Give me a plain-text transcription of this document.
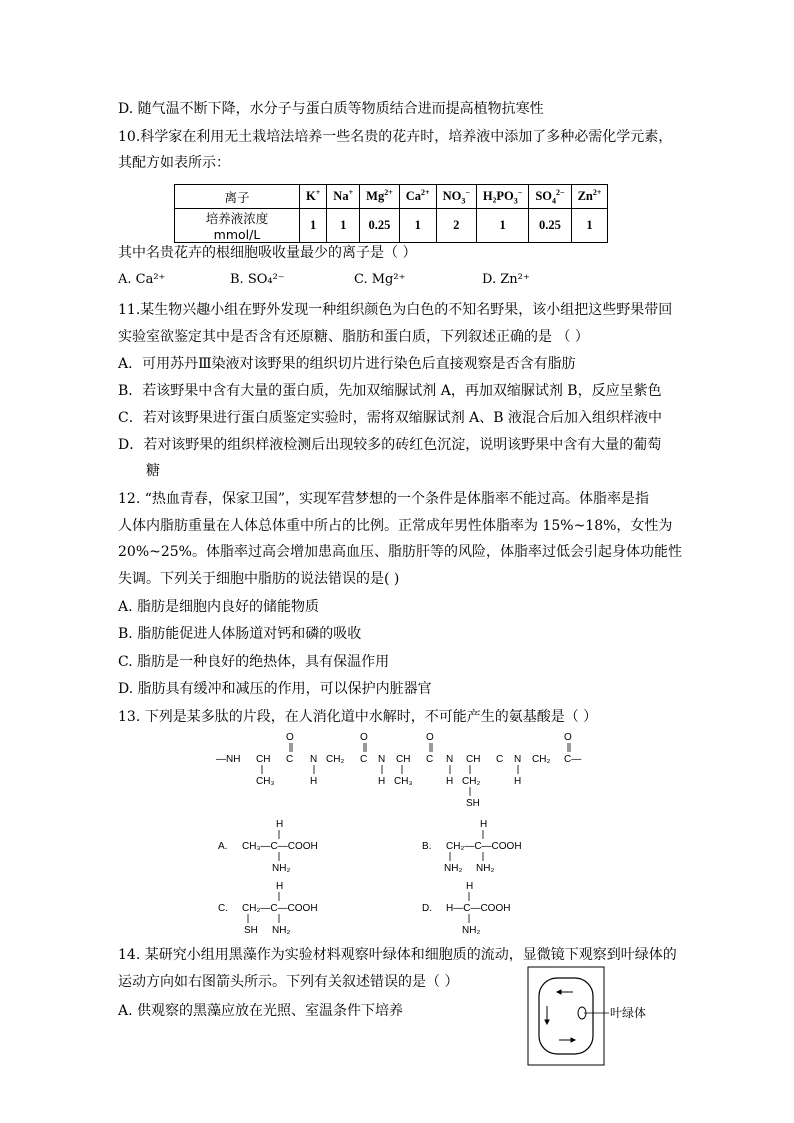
D. 随气温不断下降，水分子与蛋白质等物质结合进而提高植物抗寒性
10.科学家在利用无土栽培法培养一些名贵的花卉时，培养液中添加了多种必需化学元素，
其配方如表所示：
离子	K+	Na+	$Mg^{2+}$	$Ca^{2+}$	$NO_3^-$	$H_2PO_3^-$	$SO_4^{2-}$	$Zn^{2+}$
培养液浓度 mmol/L	1	1	0.25	1	2	1	0.25	1
其中名贵花卉的根细胞吸收量最少的离子是（ ）
A. Ca²⁺	B. SO₄²⁻	C. Mg²⁺	D. Zn²⁺
11.某生物兴趣小组在野外发现一种组织颜色为白色的不知名野果，该小组把这些野果带回
实验室欲鉴定其中是否含有还原糖、脂肪和蛋白质，下列叙述正确的是 （ ）
A．可用苏丹Ⅲ染液对该野果的组织切片进行染色后直接观察是否含有脂肪
B．若该野果中含有大量的蛋白质，先加双缩脲试剂 A，再加双缩脲试剂 B，反应呈紫色
C．若对该野果进行蛋白质鉴定实验时，需将双缩脲试剂 A、B 液混合后加入组织样液中
D．若对该野果的组织样液检测后出现较多的砖红色沉淀，说明该野果中含有大量的葡萄
糖
12. “热血青春，保家卫国”，实现军营梦想的一个条件是体脂率不能过高。体脂率是指
人体内脂肪重量在人体总体重中所占的比例。正常成年男性体脂率为 15%~18%，女性为
20%~25%。体脂率过高会增加患高血压、脂肪肝等的风险，体脂率过低会引起身体功能性
失调。下列关于细胞中脂肪的说法错误的是( )
A. 脂肪是细胞内良好的储能物质
B. 脂肪能促进人体肠道对钙和磷的吸收
C. 脂肪是一种良好的绝热体，具有保温作用
D. 脂肪具有缓冲和减压的作用，可以保护内脏器官
13. 下列是某多肽的片段，在人消化道中水解时，不可能产生的氨基酸是（ ）
—NH CH C N CH₂ C N CH C N CH C N CH₂ C—
O	O	O	O
H	H	H	H
CH₃	CH₃	CH₂
SH
A. CH₃—C—COOH
H
NH₂
B. CH₂—C—COOH
H
NH₂ NH₂
C. CH₂—C—COOH
H
SH NH₂
D. H—C—COOH
H
NH₂
14. 某研究小组用黑藻作为实验材料观察叶绿体和细胞质的流动，显微镜下观察到叶绿体的
运动方向如右图箭头所示。下列有关叙述错误的是（ ）
A. 供观察的黑藻应放在光照、室温条件下培养	叶绿体
